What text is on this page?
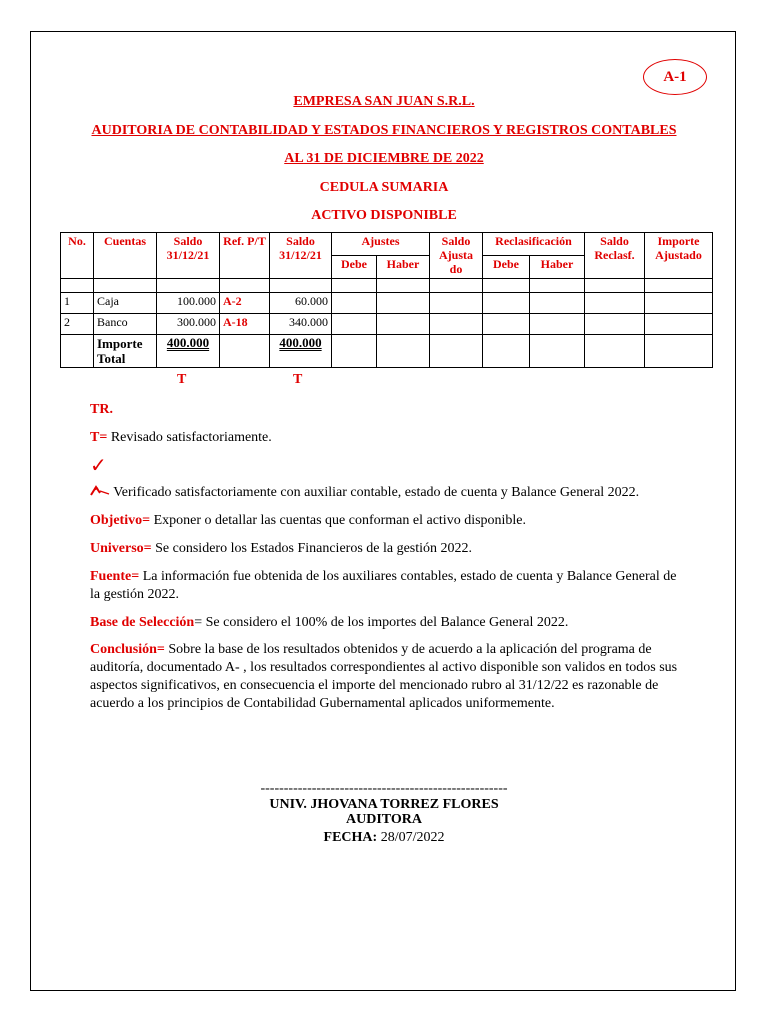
A-1
EMPRESA SAN JUAN S.R.L.
AUDITORIA DE CONTABILIDAD Y ESTADOS FINANCIEROS Y REGISTROS CONTABLES
AL 31 DE DICIEMBRE DE 2022
CEDULA SUMARIA
ACTIVO DISPONIBLE
No.	Cuentas	Saldo 31/12/21	Ref. P/T	Saldo 31/12/21	Ajustes		Saldo Ajusta do	Reclasificación		Saldo Reclasf.	Importe Ajustado
					Debe	Haber		Debe	Haber		

1	Caja	100.000	A-2	60.000							
2	Banco	300.000	A-18	340.000							
	Importe Total	400.000		400.000							
T	T
TR.
T= Revisado satisfactoriamente.
✓
Verificado satisfactoriamente con auxiliar contable, estado de cuenta y Balance General 2022.
Objetivo= Exponer o detallar las cuentas que conforman el activo disponible.
Universo= Se considero los Estados Financieros de la gestión 2022.
Fuente= La información fue obtenida de los auxiliares contables, estado de cuenta y Balance General de la gestión 2022.
Base de Selección= Se considero el 100% de los importes del Balance General 2022.
Conclusión= Sobre la base de los resultados obtenidos y de acuerdo a la aplicación del programa de auditoría, documentado A- , los resultados correspondientes al activo disponible son validos en todos sus aspectos significativos, en consecuencia el importe del mencionado rubro al 31/12/22 es razonable de acuerdo a los principios de Contabilidad Gubernamental aplicados uniformemente.
-----------------------------------------------------
UNIV. JHOVANA TORREZ FLORES
AUDITORA
FECHA: 28/07/2022
